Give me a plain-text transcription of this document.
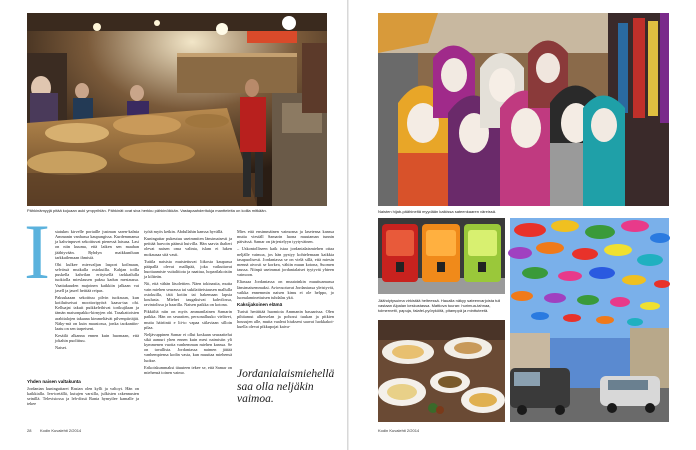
Pähkinämyyjä pitää kojuaan auki ympyrihiän. Pähkinät ovat siva herkku pähkinöikkän. Vastapaahderitukja mantteleita on koilla mitkään.

I statukm kirvelle portaille justman saren-kalnia Ammanin vanhassa kaupungissa. Kurdemmansa ja kahvinpuvet sekoittuvat pienessä laisusa. Lasi on niin kuuma, että laiken sen maahan jäähtyvään. Ryhdyn maikkuniluun tarkkailemaan ihmisiä.

Ohi kulkee miesvaljan lasport koilmaan, selvässä mutkalla ostokuilla. Kahjan toilla puskella kahvilan erityisellä tarkkailulla tuokiolla mieslausen paksu kadun mestaussa. Vaattakuuden majoinen kaikkiin jalkaan vat jasell ja jasrel heittää reipas.

Paksukaaan sekoittuu pilvin tuoksuun, kun kotiluitseisat moottoripyörä kaasu-taa ohi. Kelluajat takuit puikkeleihivat torikujilaan ja tämän maisonpakko-kirnyjen ohi. Tasakattoisten arabitalojen takaana kimmeltävät pilvenpiirtäjät. Näky-mä on kuin maastossa, jonka taokantiin-laatu on sen tarpeiseni.

Kesäilä alkanna ennen kuin huomaan, että jokahin puolittuu.

Naiset.

Yhden naisen valtakunta

Jordanian kuningattaret Rasian olen kylli ja valtoyt. Hän on kaikkialla. Ien-toetällä, kutujen varsilla, julkisten rakennusten seinillä. Televisiossa ja leh-dissä Rania hymyilee kamalle ja tekee

työtä myös ketkin. Abdullahin kanssa hyvällä.

Kuningattar pukeutuu useimmiten länsimaisesti ja peittää harvoin päänsä huivilla. Hän saavia ihalteri olevat naisen oma valinta, islam ei luken mokausaa sitä vasti.

Tuttila naisista muistettuvat liikosta kaupassa pääpallä olevat mallipää, joka vaikuttavat huottaamiste vuitalitiota ja naattua, hoparilakoisiin ja kiltteän.

Nii, että vähän läsolettien. Näen tokinastia, mutta vain miehen seurassa tai sukilaitteistausen mallulla ostokuilla, tätä kotiin tai hakemaan lapsia koulusta. Miehet taugaksivat kahvilossa, ravintolissa ja baarilla. Naisen paikka on kotona.

Pikkiiltä niin on myös ammanilainen Samarin paikka. Hän on seuraiten, personalluuko vielävet, mutta häiriintä e lii-to vapaa siilaviaan silloin pilaa.

Neljävuppinen Samar ei ollut koskaan seuraattelut sikä aamuri yhen ennen kuin mesi naimisiin yli kymmenen vuotta vanhemman miehen kanssa. Se on tavallista. Jordaniassa naimen jättää vanhempiensa kodin vasta, kun muuttaa miehensä luokse.

Erikoiskummaksi täuuteen tekee se, että Samar on miehensä toinen vaimo.

Mies että ensimmäinen vaimonsa ja lasetensa kanssa mutta vieställ Samarin luona muutaman tunnin päivässä. Samar on järjestelyyn tyytyväinen.

– Uskontolliseen kaik istaa jordanialaismiehen ottaa neljälle vaimoa, jos hän pystyy kohtelemaan kaikkia tasapuolisesti. Jordaniassa se on vielä sillä, että miesin mennä aivosti se korkea, vähiin muun kotona, Suomen taussa. Niinpä useimmat jordanialaiset tyytyvät yhteen vaimoon.

Eliassaa Jordaniassa on muutoinkin muuttuamassa länsimaisemmaksi. Aviovuotuvat Jordaniassa yleistyvät, vaikka ennemmin naisen kimu ei ole helppo, jo luonulaminettuisen tuhdalas ykä.

Kaksijakoinen elämä

Turisti heräittää huomiota Ammanin basaarissa. Olen pihitamut alkerselan ja pohossi tuukan ja pitkien housujen alle, mutta vaaleat hiukseni saavat luokkakoi-kuella olevat pikkupojat kaiva-

Jordanialaismiehellä saa olla neljäkin vaimoa.

28 Kodin Kuvalehti 2/2014

Naisten hijab-päähineltä myydään kaikissa sateenkaaren väreissä.

Jäähdytysuima virkistää helteessä. Haualla näkyy sateenvarjoista tuli vastaan Alpalan keskustassa. Mattiova tuuran: hurimua-tahnaa, tolmernetti, papuja, falafel-pyöryköitä, pitamppä ja minttuteetä.

Kodin Kuvalehti 2/2014
